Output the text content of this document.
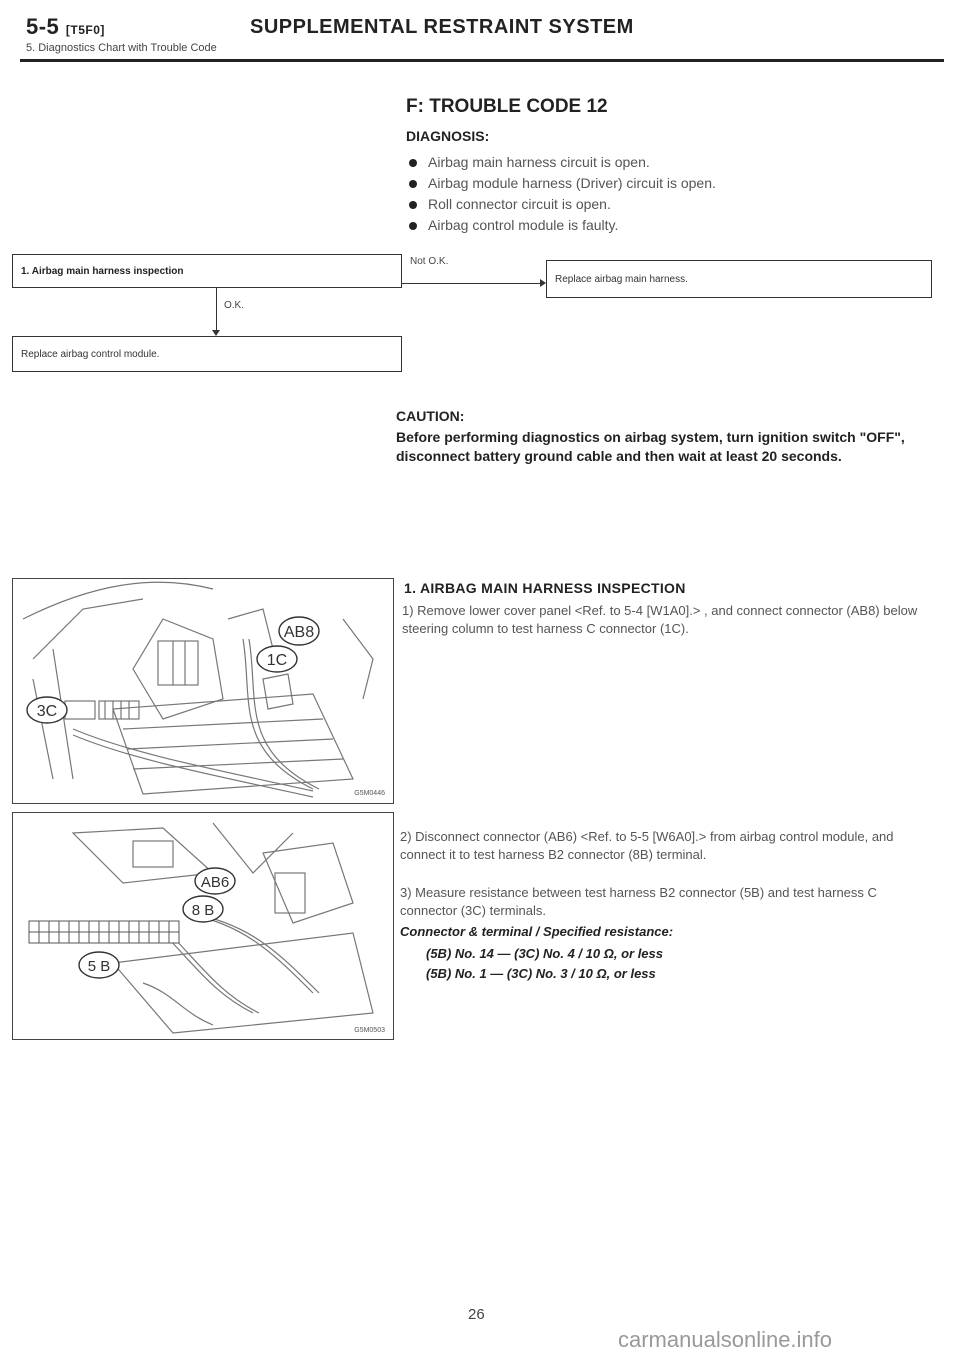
5-5 [T5F0]	SUPPLEMENTAL RESTRAINT SYSTEM
5. Diagnostics Chart with Trouble Code
F: TROUBLE CODE 12
DIAGNOSIS:
Airbag main harness circuit is open.
Airbag module harness (Driver) circuit is open.
Roll connector circuit is open.
Airbag control module is faulty.
1. Airbag main harness inspection
Not O.K.
Replace airbag main harness.
O.K.
Replace airbag control module.
CAUTION:
Before performing diagnostics on airbag system, turn ignition switch "OFF", disconnect battery ground cable and then wait at least 20 seconds.
AB8
1C
3C
G5M0446
1. AIRBAG MAIN HARNESS INSPECTION
1) Remove lower cover panel <Ref. to 5-4 [W1A0].> , and connect connector (AB8) below steering column to test harness C connector (1C).
AB6
8 B
5 B
G5M0503
2) Disconnect connector (AB6) <Ref. to 5-5 [W6A0].> from airbag control module, and connect it to test harness B2 connector (8B) terminal.
3) Measure resistance between test harness B2 connector (5B) and test harness C connector (3C) terminals.
Connector & terminal / Specified resistance:
(5B) No. 14 — (3C) No. 4 / 10 Ω, or less
(5B) No. 1 — (3C) No. 3 / 10 Ω, or less
26
carmanualsonline.info
